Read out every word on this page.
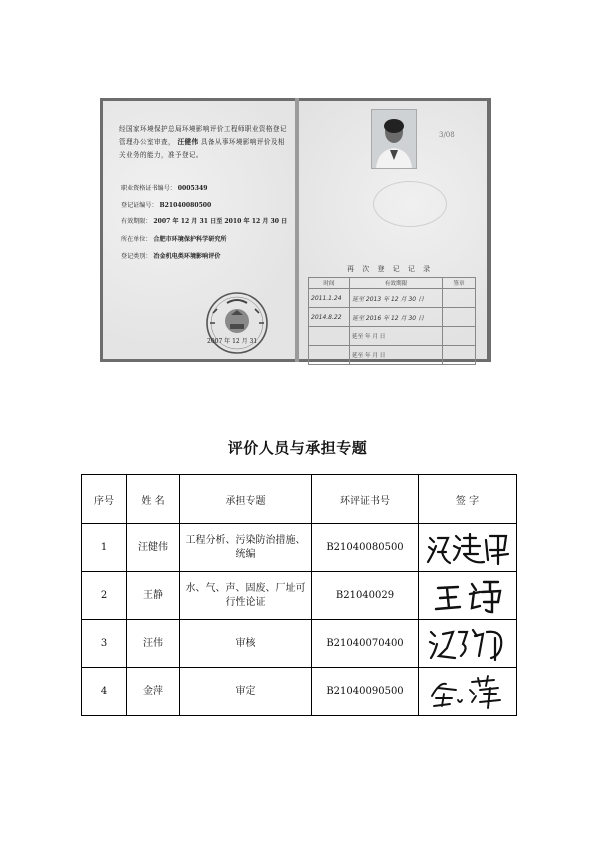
经国家环境保护总局环境影响评价工程师职业资格登记管理办公室审查， 汪健伟 具备从事环境影响评价及相关业务的能力，准予登记。
职业资格证书编号： 0005349
登记证编号： B21040080500
有效期限： 2007 年 12 月 31 日至 2010 年 12 月 30 日
所在单位： 合肥市环境保护科学研究所
登记类别： 冶金机电类环境影响评价
2007 年 12 月 31
3/08
再 次 登 记 记 录
时间	有效期限	签章
2011.1.24	延至 2013 年 12 月 30 日	
2014.8.22	延至 2016 年 12 月 30 日	
	延至 年 月 日	
	延至 年 月 日	
评价人员与承担专题
序号	姓 名	承担专题	环评证书号	签 字
1	汪健伟	工程分析、污染防治措施、统编	B21040080500	

2	王静	水、气、声、固废、厂址可行性论证	B21040029	

3	汪伟	审核	B21040070400	

4	金萍	审定	B21040090500	
